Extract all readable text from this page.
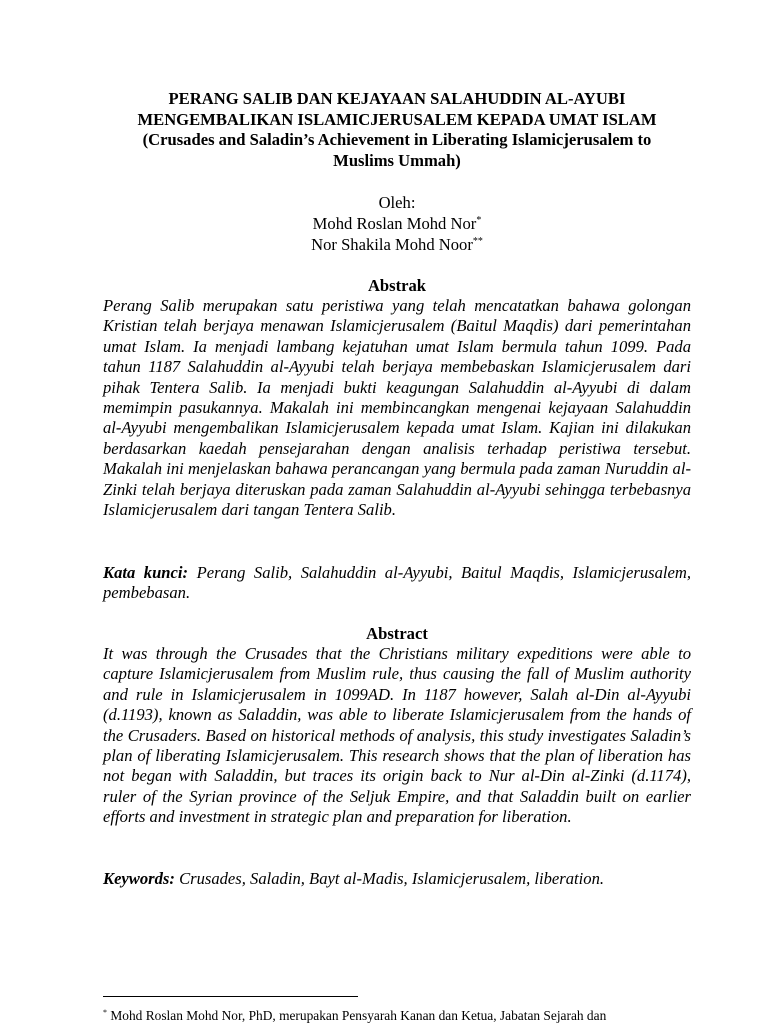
PERANG SALIB DAN KEJAYAAN SALAHUDDIN AL-AYUBI
MENGEMBALIKAN ISLAMICJERUSALEM KEPADA UMAT ISLAM
(Crusades and Saladin’s Achievement in Liberating Islamicjerusalem to
Muslims Ummah)
Oleh:
Mohd Roslan Mohd Nor*
Nor Shakila Mohd Noor**
Abstrak
Perang Salib merupakan satu peristiwa yang telah mencatatkan bahawa golongan Kristian telah berjaya menawan Islamicjerusalem (Baitul Maqdis) dari pemerintahan umat Islam. Ia menjadi lambang kejatuhan umat Islam bermula tahun 1099. Pada tahun 1187 Salahuddin al-Ayyubi telah berjaya membebaskan Islamicjerusalem dari pihak Tentera Salib. Ia menjadi bukti keagungan Salahuddin al-Ayyubi di dalam memimpin pasukannya. Makalah ini membincangkan mengenai kejayaan Salahuddin al-Ayyubi mengembalikan Islamicjerusalem kepada umat Islam. Kajian ini dilakukan berdasarkan kaedah pensejarahan dengan analisis terhadap peristiwa tersebut. Makalah ini menjelaskan bahawa perancangan yang bermula pada zaman Nuruddin al-Zinki telah berjaya diteruskan pada zaman Salahuddin al-Ayyubi sehingga terbebasnya Islamicjerusalem dari tangan Tentera Salib.
Kata kunci: Perang Salib, Salahuddin al-Ayyubi, Baitul Maqdis, Islamicjerusalem, pembebasan.
Abstract
It was through the Crusades that the Christians military expeditions were able to capture Islamicjerusalem from Muslim rule, thus causing the fall of Muslim authority and rule in Islamicjerusalem in 1099AD. In 1187 however, Salah al-Din al-Ayyubi (d.1193), known as Saladdin, was able to liberate Islamicjerusalem from the hands of the Crusaders. Based on historical methods of analysis, this study investigates Saladin’s plan of liberating Islamicjerusalem. This research shows that the plan of liberation has not began with Saladdin, but traces its origin back to Nur al-Din al-Zinki (d.1174), ruler of the Syrian province of the Seljuk Empire, and that Saladdin built on earlier efforts and investment in strategic plan and preparation for liberation.
Keywords: Crusades, Saladin, Bayt al-Madis, Islamicjerusalem, liberation.
* Mohd Roslan Mohd Nor, PhD, merupakan Pensyarah Kanan dan Ketua, Jabatan Sejarah dan
